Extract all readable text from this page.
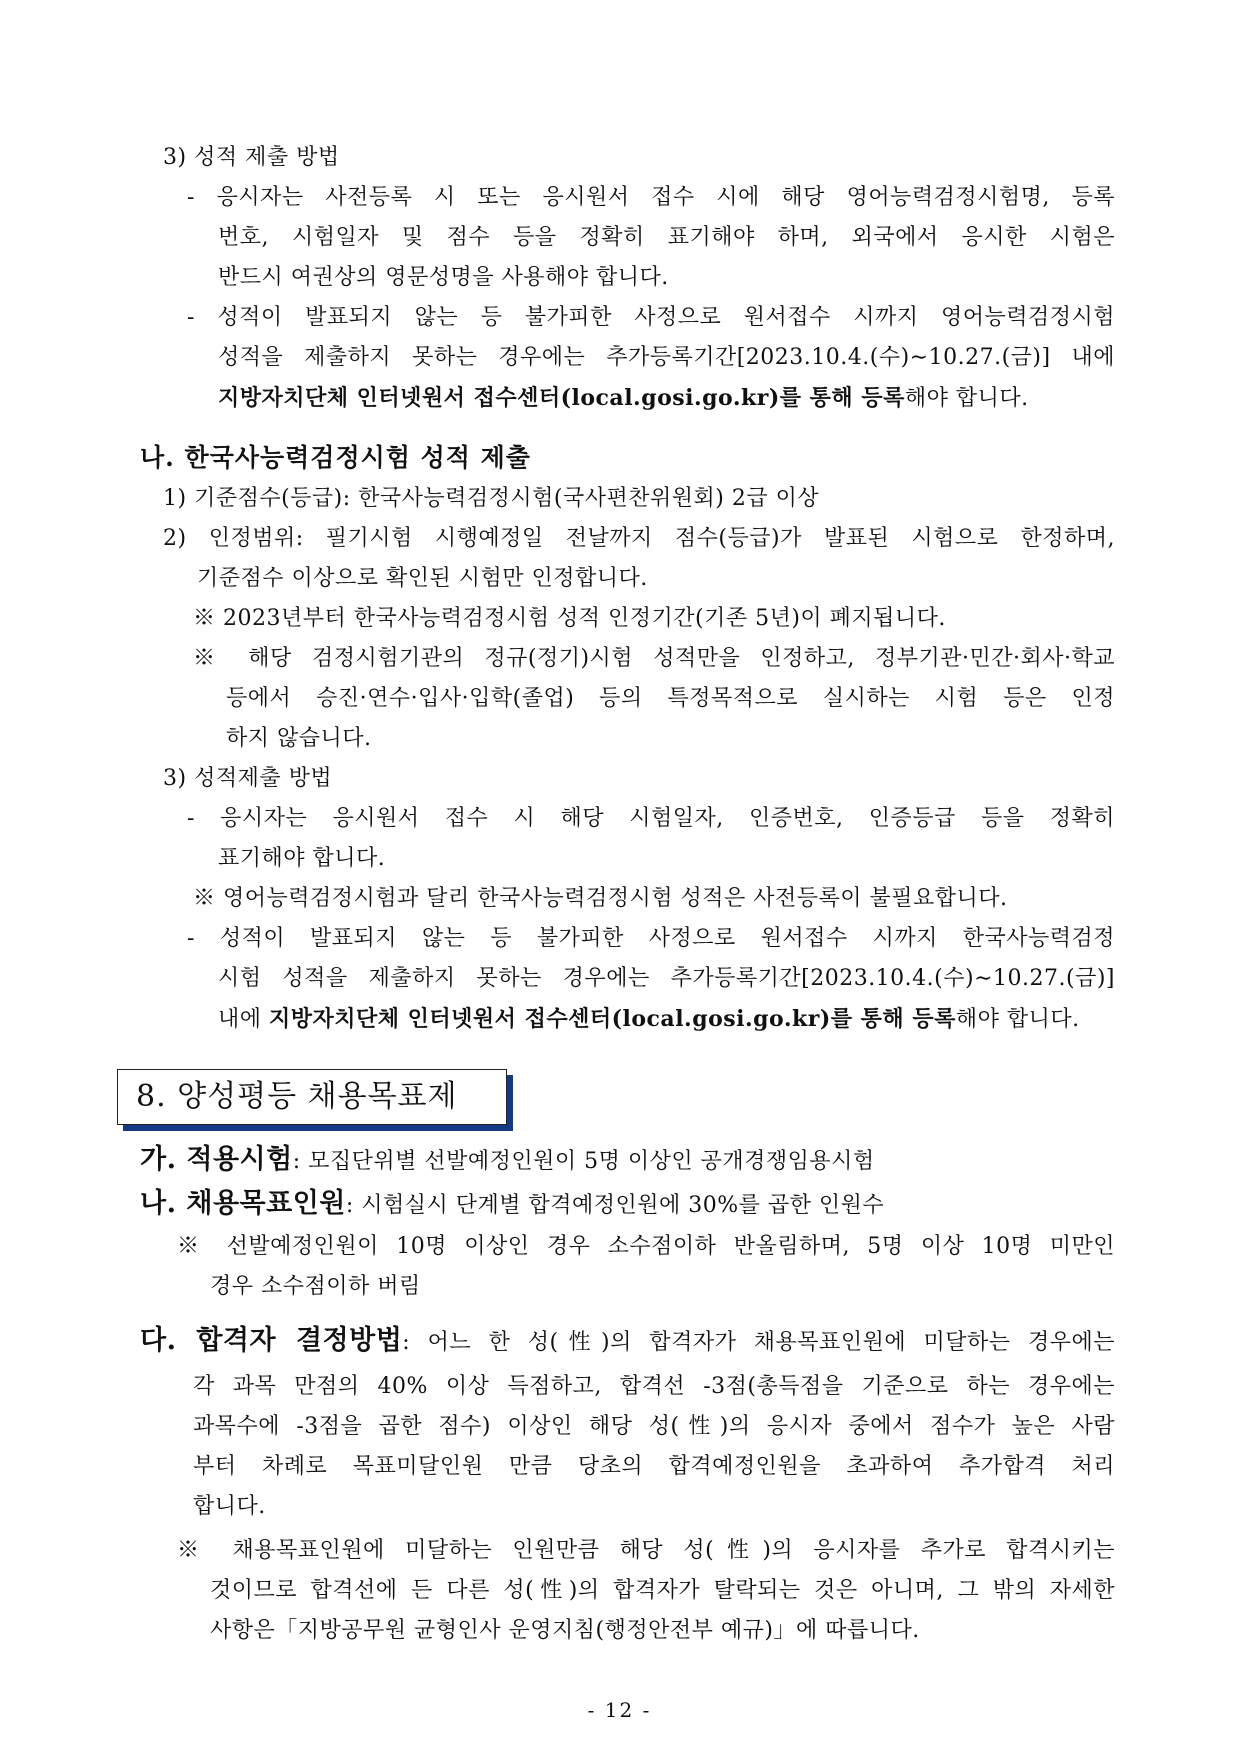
3) 성적 제출 방법
- 응시자는 사전등록 시 또는 응시원서 접수 시에 해당 영어능력검정시험명, 등록
번호, 시험일자 및 점수 등을 정확히 표기해야 하며, 외국에서 응시한 시험은
반드시 여권상의 영문성명을 사용해야 합니다.
- 성적이 발표되지 않는 등 불가피한 사정으로 원서접수 시까지 영어능력검정시험
성적을 제출하지 못하는 경우에는 추가등록기간[2023.10.4.(수)∼10.27.(금)] 내에
지방자치단체 인터넷원서 접수센터(local.gosi.go.kr)를 통해 등록해야 합니다.
나. 한국사능력검정시험 성적 제출
1) 기준점수(등급): 한국사능력검정시험(국사편찬위원회) 2급 이상
2) 인정범위: 필기시험 시행예정일 전날까지 점수(등급)가 발표된 시험으로 한정하며,
기준점수 이상으로 확인된 시험만 인정합니다.
※ 2023년부터 한국사능력검정시험 성적 인정기간(기존 5년)이 폐지됩니다.
※ 해당 검정시험기관의 정규(정기)시험 성적만을 인정하고, 정부기관·민간·회사·학교
등에서 승진·연수·입사·입학(졸업) 등의 특정목적으로 실시하는 시험 등은 인정
하지 않습니다.
3) 성적제출 방법
- 응시자는 응시원서 접수 시 해당 시험일자, 인증번호, 인증등급 등을 정확히
표기해야 합니다.
※ 영어능력검정시험과 달리 한국사능력검정시험 성적은 사전등록이 불필요합니다.
- 성적이 발표되지 않는 등 불가피한 사정으로 원서접수 시까지 한국사능력검정
시험 성적을 제출하지 못하는 경우에는 추가등록기간[2023.10.4.(수)∼10.27.(금)]
내에 지방자치단체 인터넷원서 접수센터(local.gosi.go.kr)를 통해 등록해야 합니다.
8. 양성평등 채용목표제
가. 적용시험: 모집단위별 선발예정인원이 5명 이상인 공개경쟁임용시험
나. 채용목표인원: 시험실시 단계별 합격예정인원에 30%를 곱한 인원수
※ 선발예정인원이 10명 이상인 경우 소수점이하 반올림하며, 5명 이상 10명 미만인
경우 소수점이하 버림
다. 합격자 결정방법: 어느 한 성(性)의 합격자가 채용목표인원에 미달하는 경우에는
각 과목 만점의 40% 이상 득점하고, 합격선 -3점(총득점을 기준으로 하는 경우에는
과목수에 -3점을 곱한 점수) 이상인 해당 성(性)의 응시자 중에서 점수가 높은 사람
부터 차례로 목표미달인원 만큼 당초의 합격예정인원을 초과하여 추가합격 처리
합니다.
※ 채용목표인원에 미달하는 인원만큼 해당 성(性)의 응시자를 추가로 합격시키는
것이므로 합격선에 든 다른 성(性)의 합격자가 탈락되는 것은 아니며, 그 밖의 자세한
사항은「지방공무원 균형인사 운영지침(행정안전부 예규)」에 따릅니다.
- 12 -
